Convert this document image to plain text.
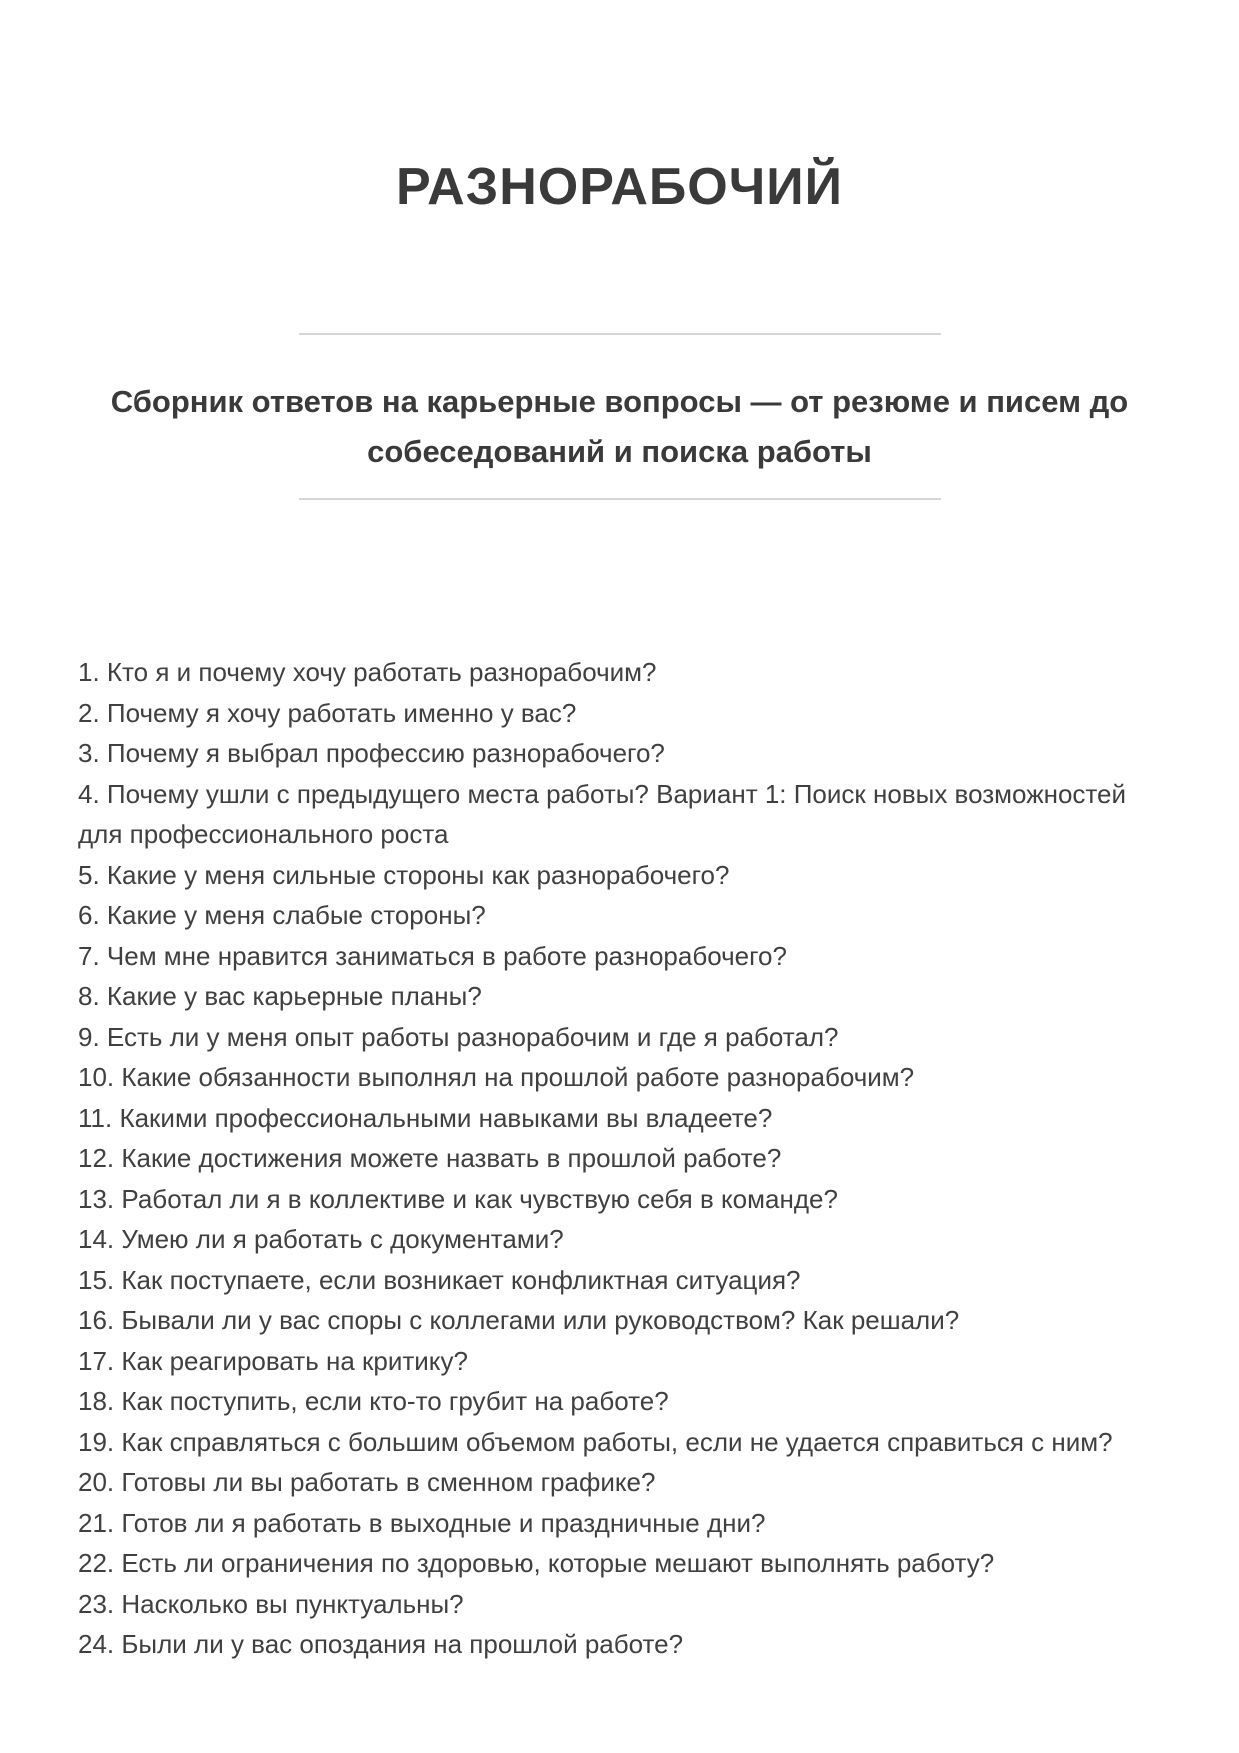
РАЗНОРАБОЧИЙ
Сборник ответов на карьерные вопросы — от резюме и писем до собеседований и поиска работы
1. Кто я и почему хочу работать разнорабочим?
2. Почему я хочу работать именно у вас?
3. Почему я выбрал профессию разнорабочего?
4. Почему ушли с предыдущего места работы? Вариант 1: Поиск новых возможностей для профессионального роста
5. Какие у меня сильные стороны как разнорабочего?
6. Какие у меня слабые стороны?
7. Чем мне нравится заниматься в работе разнорабочего?
8. Какие у вас карьерные планы?
9. Есть ли у меня опыт работы разнорабочим и где я работал?
10. Какие обязанности выполнял на прошлой работе разнорабочим?
11. Какими профессиональными навыками вы владеете?
12. Какие достижения можете назвать в прошлой работе?
13. Работал ли я в коллективе и как чувствую себя в команде?
14. Умею ли я работать с документами?
15. Как поступаете, если возникает конфликтная ситуация?
16. Бывали ли у вас споры с коллегами или руководством? Как решали?
17. Как реагировать на критику?
18. Как поступить, если кто-то грубит на работе?
19. Как справляться с большим объемом работы, если не удается справиться с ним?
20. Готовы ли вы работать в сменном графике?
21. Готов ли я работать в выходные и праздничные дни?
22. Есть ли ограничения по здоровью, которые мешают выполнять работу?
23. Насколько вы пунктуальны?
24. Были ли у вас опоздания на прошлой работе?
